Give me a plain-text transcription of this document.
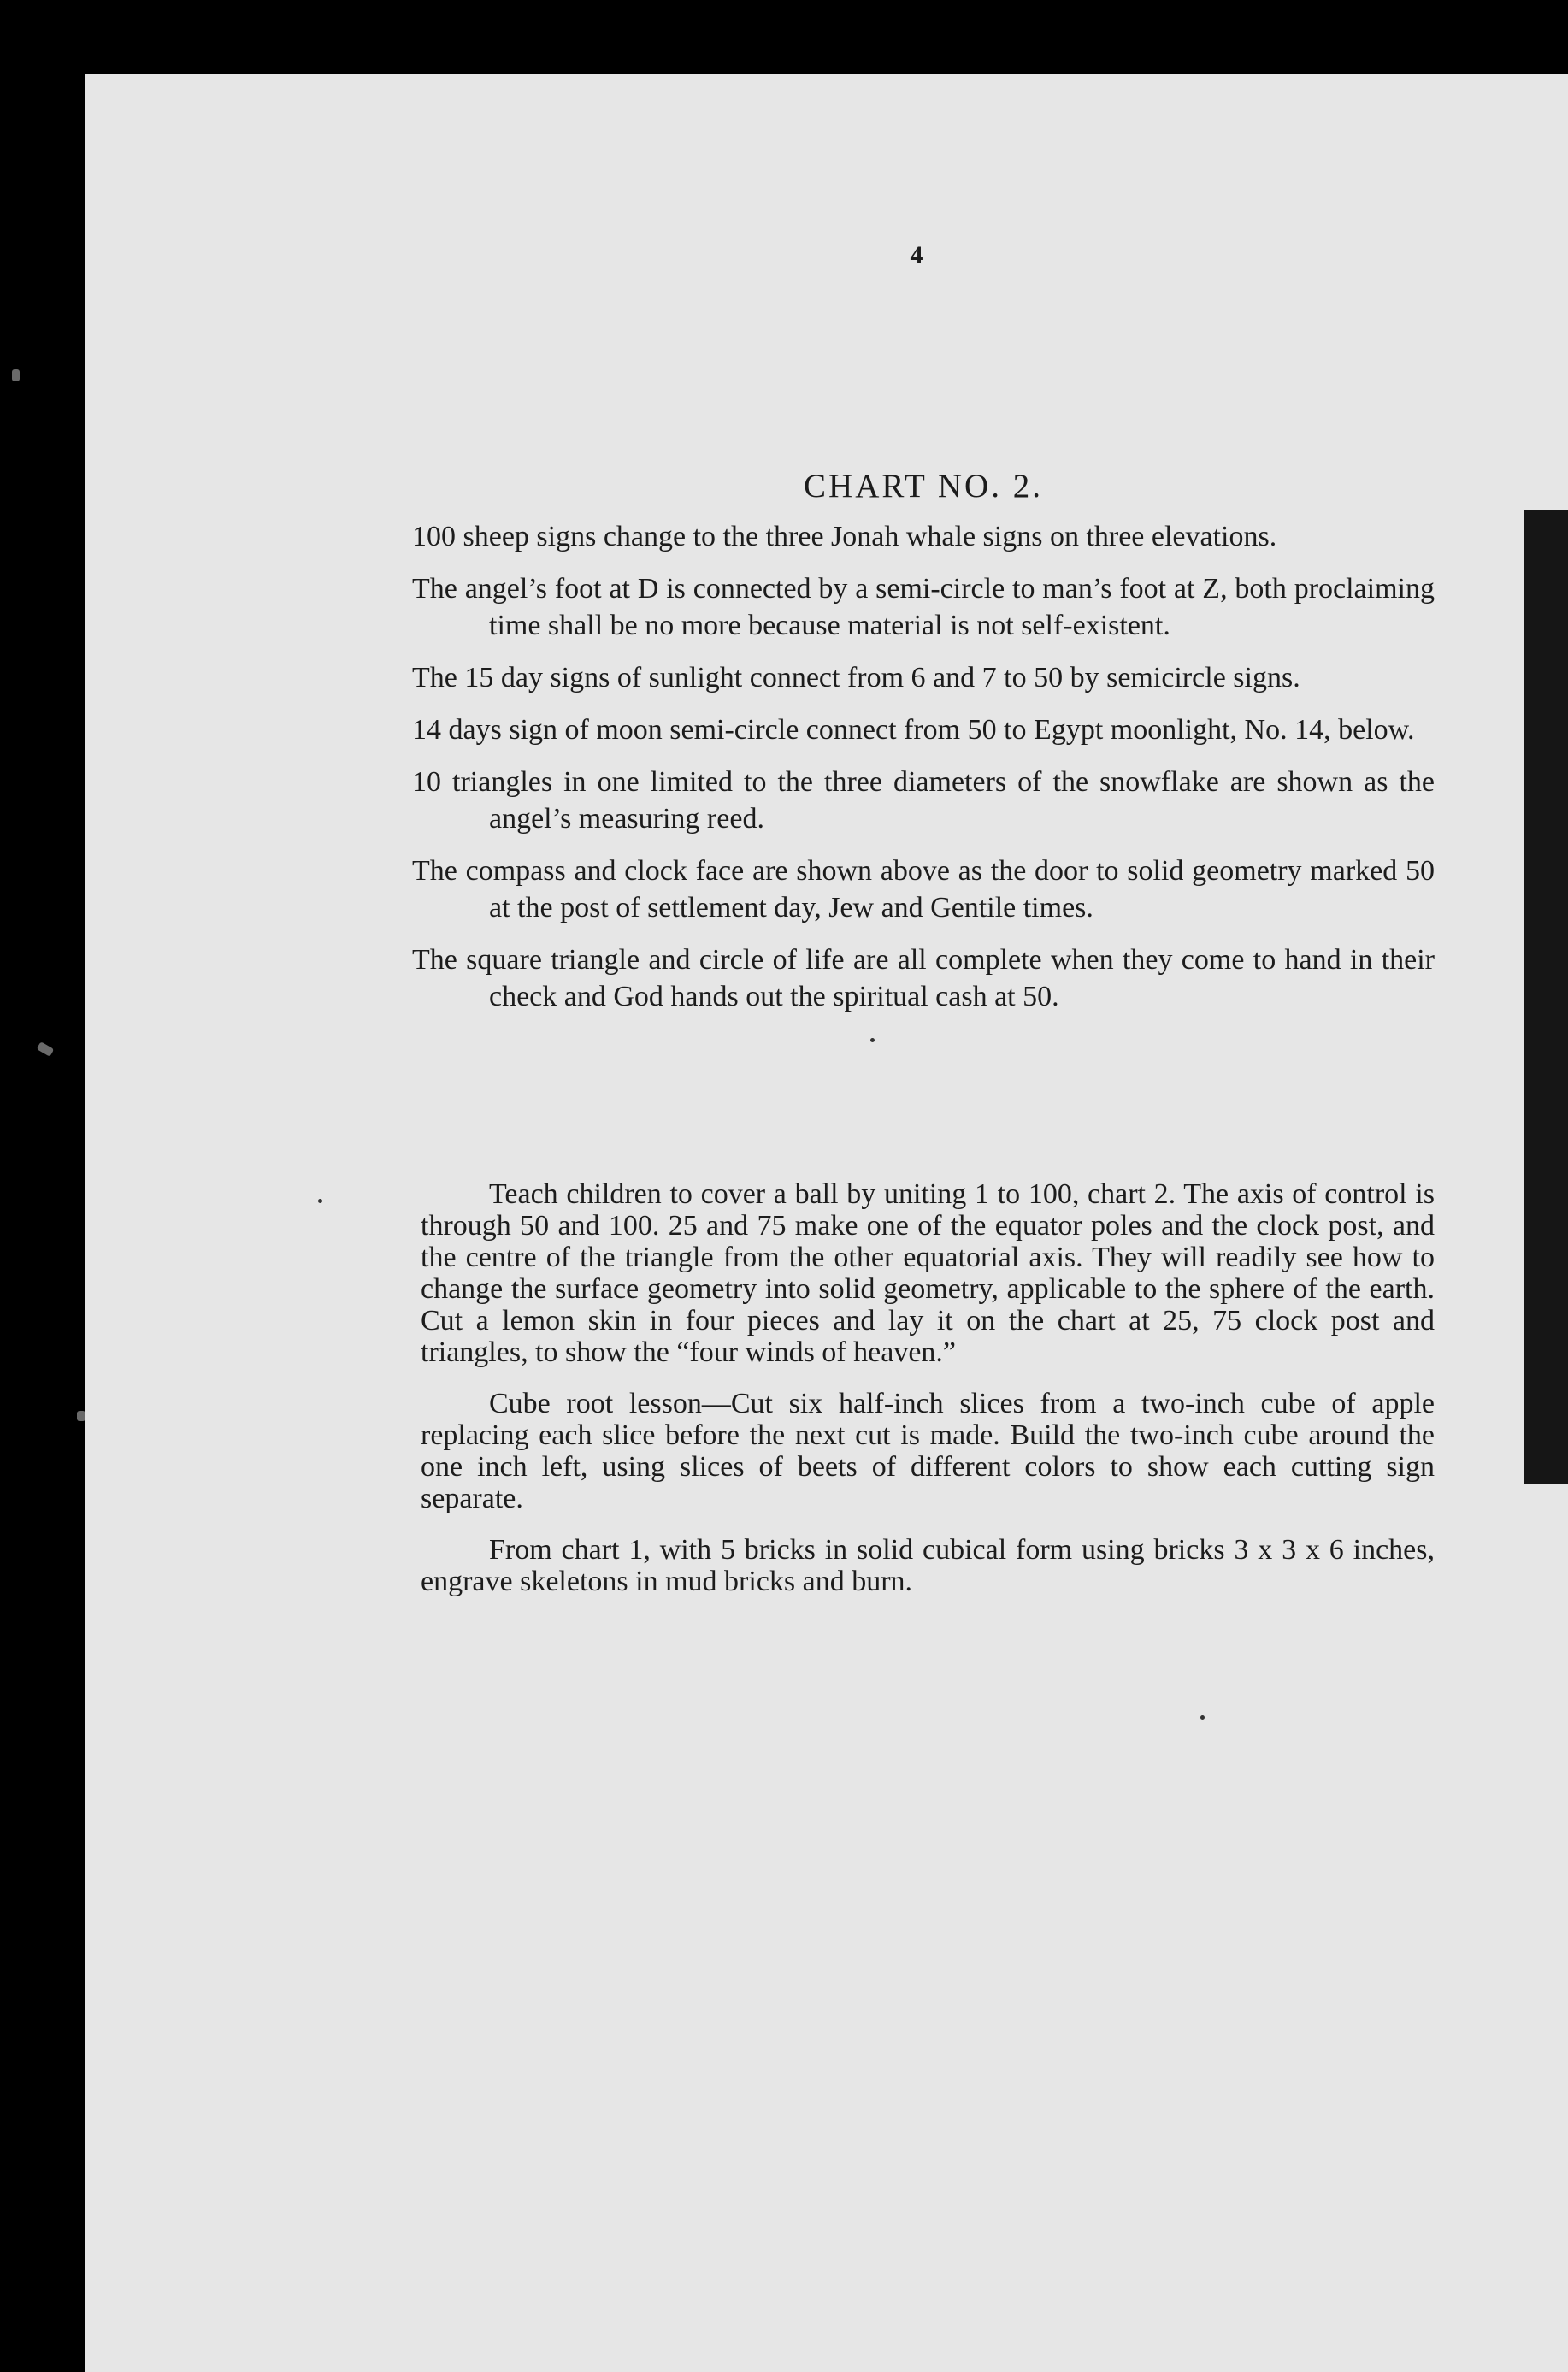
4
CHART NO. 2.

100 sheep signs change to the three Jonah whale signs on three elevations.

The angel’s foot at D is connected by a semi-circle to man’s foot at Z, both proclaiming time shall be no more because material is not self-existent.

The 15 day signs of sunlight connect from 6 and 7 to 50 by semicircle signs.

14 days sign of moon semi-circle connect from 50 to Egypt moonlight, No. 14, below.

10 triangles in one limited to the three diameters of the snowflake are shown as the angel’s measuring reed.

The compass and clock face are shown above as the door to solid geometry marked 50 at the post of settlement day, Jew and Gentile times.

The square triangle and circle of life are all complete when they come to hand in their check and God hands out the spiritual cash at 50.

Teach children to cover a ball by uniting 1 to 100, chart 2. The axis of control is through 50 and 100. 25 and 75 make one of the equator poles and the clock post, and the centre of the triangle from the other equatorial axis. They will readily see how to change the surface geometry into solid geometry, applicable to the sphere of the earth. Cut a lemon skin in four pieces and lay it on the chart at 25, 75 clock post and triangles, to show the “four winds of heaven.”

Cube root lesson—Cut six half-inch slices from a two-inch cube of apple replacing each slice before the next cut is made. Build the two-inch cube around the one inch left, using slices of beets of different colors to show each cutting sign separate.

From chart 1, with 5 bricks in solid cubical form using bricks 3 x 3 x 6 inches, engrave skeletons in mud bricks and burn.
